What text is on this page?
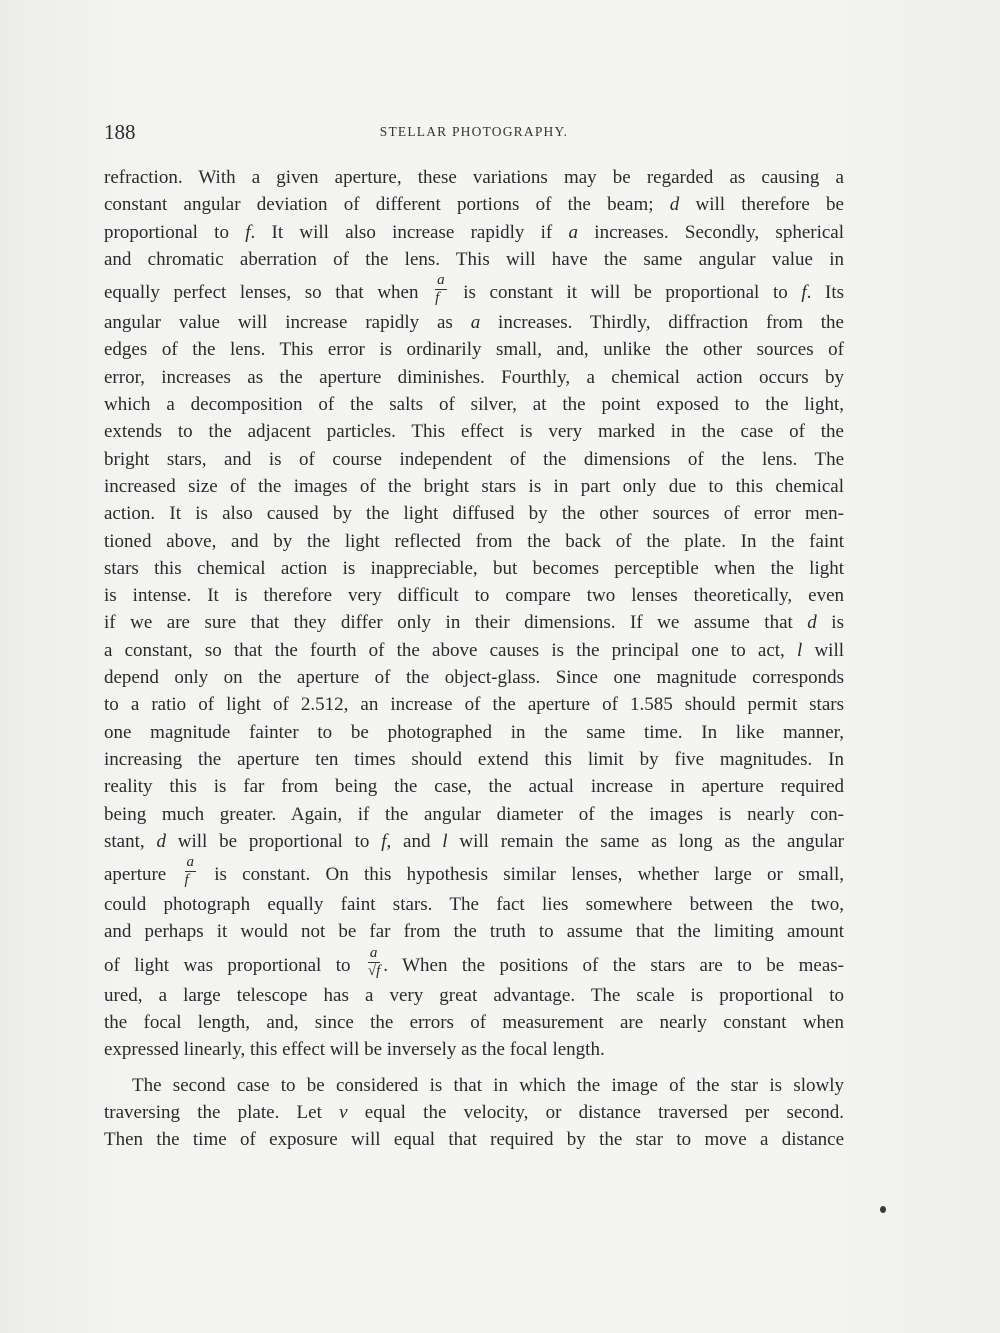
188	STELLAR PHOTOGRAPHY.
refraction. With a given aperture, these variations may be regarded as causing a
constant angular deviation of different portions of the beam; d will therefore be
proportional to f. It will also increase rapidly if a increases. Secondly, spherical
and chromatic aberration of the lens. This will have the same angular value in
equally perfect lenses, so that when $\frac{a}{f}$ is constant it will be proportional to f. Its
angular value will increase rapidly as a increases. Thirdly, diffraction from the
edges of the lens. This error is ordinarily small, and, unlike the other sources of
error, increases as the aperture diminishes. Fourthly, a chemical action occurs by
which a decomposition of the salts of silver, at the point exposed to the light,
extends to the adjacent particles. This effect is very marked in the case of the
bright stars, and is of course independent of the dimensions of the lens. The
increased size of the images of the bright stars is in part only due to this chemical
action. It is also caused by the light diffused by the other sources of error men-
tioned above, and by the light reflected from the back of the plate. In the faint
stars this chemical action is inappreciable, but becomes perceptible when the light
is intense. It is therefore very difficult to compare two lenses theoretically, even
if we are sure that they differ only in their dimensions. If we assume that d is
a constant, so that the fourth of the above causes is the principal one to act, l will
depend only on the aperture of the object-glass. Since one magnitude corresponds
to a ratio of light of 2.512, an increase of the aperture of 1.585 should permit stars
one magnitude fainter to be photographed in the same time. In like manner,
increasing the aperture ten times should extend this limit by five magnitudes. In
reality this is far from being the case, the actual increase in aperture required
being much greater. Again, if the angular diameter of the images is nearly con-
stant, d will be proportional to f, and l will remain the same as long as the angular
aperture $\frac{a}{f}$ is constant. On this hypothesis similar lenses, whether large or small,
could photograph equally faint stars. The fact lies somewhere between the two,
and perhaps it would not be far from the truth to assume that the limiting amount
of light was proportional to $\frac{a}{√f}$ . When the positions of the stars are to be meas-
ured, a large telescope has a very great advantage. The scale is proportional to
the focal length, and, since the errors of measurement are nearly constant when
expressed linearly, this effect will be inversely as the focal length.
The second case to be considered is that in which the image of the star is slowly
traversing the plate. Let v equal the velocity, or distance traversed per second.
Then the time of exposure will equal that required by the star to move a distance
